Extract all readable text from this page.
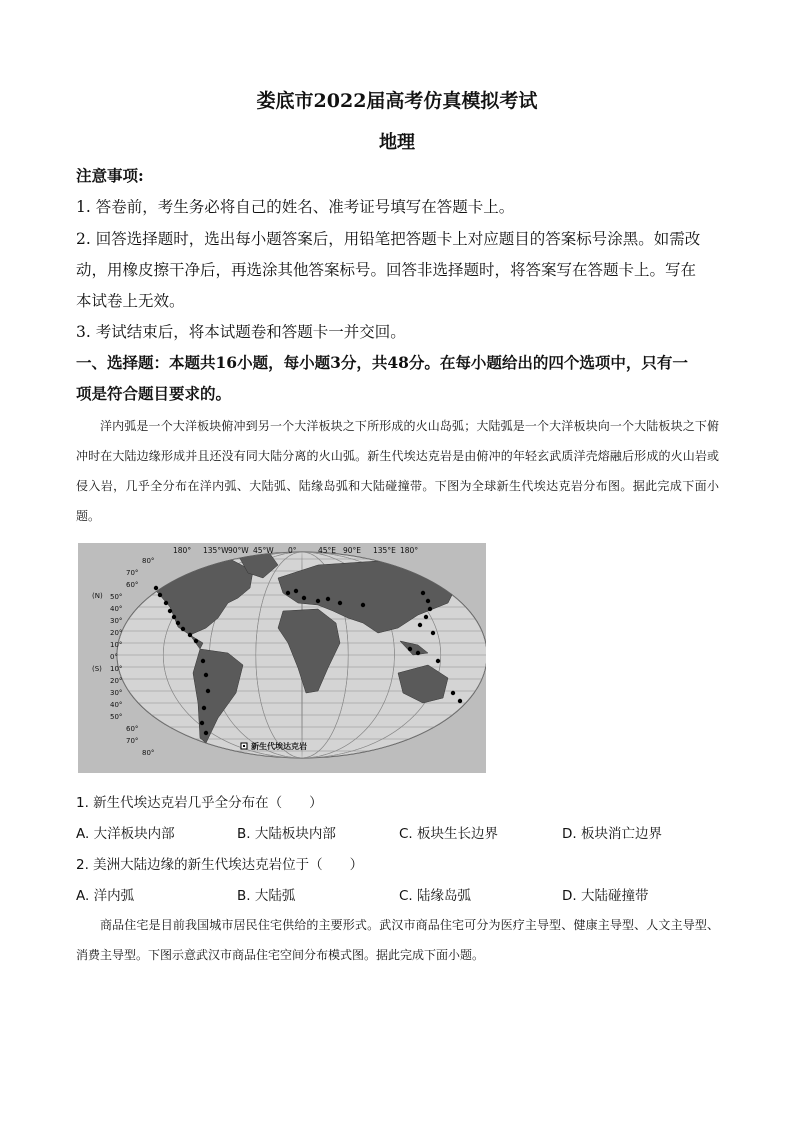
娄底市2022届高考仿真模拟考试
地理
注意事项:
1. 答卷前，考生务必将自己的姓名、准考证号填写在答题卡上。
2. 回答选择题时，选出每小题答案后，用铅笔把答题卡上对应题目的答案标号涂黑。如需改
动，用橡皮擦干净后，再选涂其他答案标号。回答非选择题时，将答案写在答题卡上。写在
本试卷上无效。
3. 考试结束后，将本试题卷和答题卡一并交回。
一、选择题：本题共16小题，每小题3分，共48分。在每小题给出的四个选项中，只有一
项是符合题目要求的。
洋内弧是一个大洋板块俯冲到另一个大洋板块之下所形成的火山岛弧；大陆弧是一个大洋板块向一个大陆板块之下俯冲时在大陆边缘形成并且还没有同大陆分离的火山弧。新生代埃达克岩是由俯冲的年轻玄武质洋壳熔融后形成的火山岩或侵入岩，几乎全分布在洋内弧、大陆弧、陆缘岛弧和大陆碰撞带。下图为全球新生代埃达克岩分布图。据此完成下面小题。
180° 135°W 90°W 45°W 0°	45°E 90°E 135°E 180°
80°
70°
60°
50°
40°
30°
20°
10°
0°
10°
20°
30°
40°
50°
60°
70°
80°
(N)
(S)
新生代埃达克岩
1. 新生代埃达克岩几乎全分布在（　　）
A. 大洋板块内部	B. 大陆板块内部	C. 板块生长边界	D. 板块消亡边界
2. 美洲大陆边缘的新生代埃达克岩位于（　　）
A. 洋内弧	B. 大陆弧	C. 陆缘岛弧	D. 大陆碰撞带
商品住宅是目前我国城市居民住宅供给的主要形式。武汉市商品住宅可分为医疗主导型、健康主导型、人文主导型、消费主导型。下图示意武汉市商品住宅空间分布模式图。据此完成下面小题。
